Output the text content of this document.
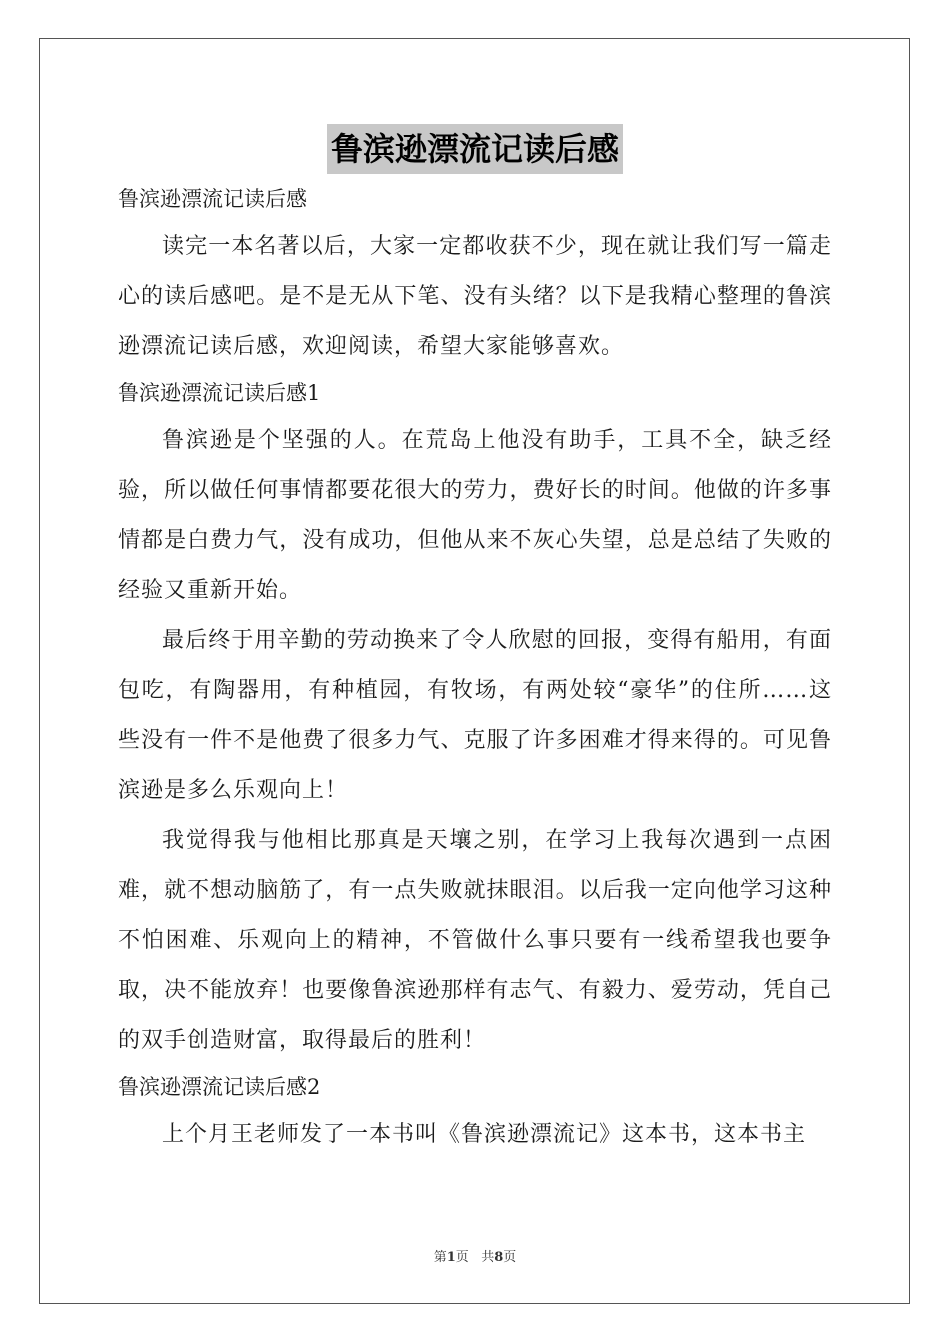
鲁滨逊漂流记读后感

鲁滨逊漂流记读后感

读完一本名著以后，大家一定都收获不少，现在就让我们写一篇走心的读后感吧。是不是无从下笔、没有头绪？以下是我精心整理的鲁滨逊漂流记读后感，欢迎阅读，希望大家能够喜欢。

鲁滨逊漂流记读后感1

鲁滨逊是个坚强的人。在荒岛上他没有助手，工具不全，缺乏经验，所以做任何事情都要花很大的劳力，费好长的时间。他做的许多事情都是白费力气，没有成功，但他从来不灰心失望，总是总结了失败的经验又重新开始。

最后终于用辛勤的劳动换来了令人欣慰的回报，变得有船用，有面包吃，有陶器用，有种植园，有牧场，有两处较“豪华”的住所……这些没有一件不是他费了很多力气、克服了许多困难才得来得的。可见鲁滨逊是多么乐观向上！

我觉得我与他相比那真是天壤之别，在学习上我每次遇到一点困难，就不想动脑筋了，有一点失败就抹眼泪。以后我一定向他学习这种不怕困难、乐观向上的精神，不管做什么事只要有一线希望我也要争取，决不能放弃！也要像鲁滨逊那样有志气、有毅力、爱劳动，凭自己的双手创造财富，取得最后的胜利！

鲁滨逊漂流记读后感2

上个月王老师发了一本书叫《鲁滨逊漂流记》这本书，这本书主

第1页 共8页
